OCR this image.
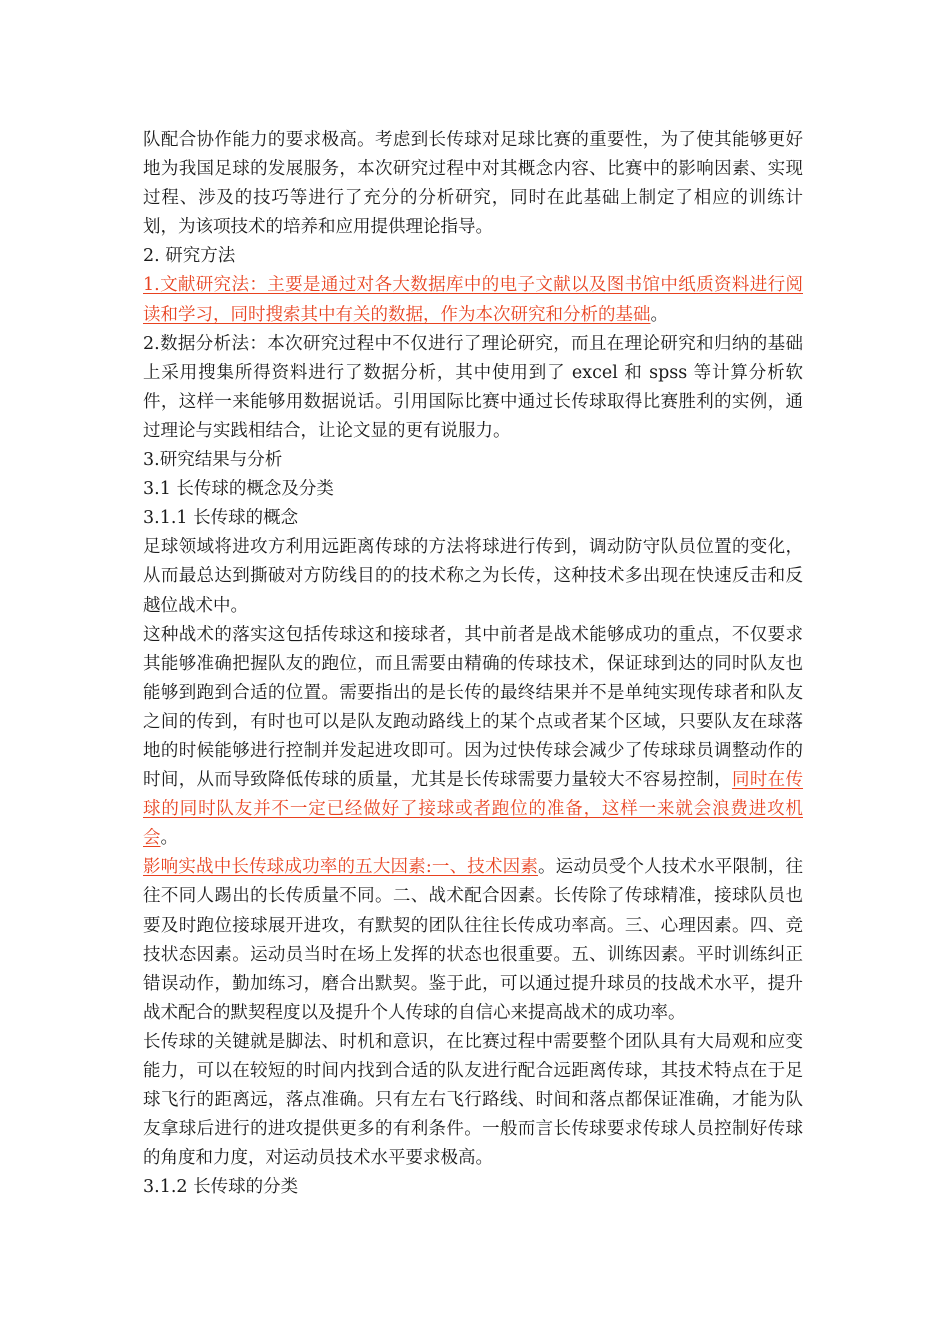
队配合协作能力的要求极高。考虑到长传球对足球比赛的重要性，为了使其能够更好地为我国足球的发展服务，本次研究过程中对其概念内容、比赛中的影响因素、实现过程、涉及的技巧等进行了充分的分析研究，同时在此基础上制定了相应的训练计划，为该项技术的培养和应用提供理论指导。

2. 研究方法

1.文献研究法：主要是通过对各大数据库中的电子文献以及图书馆中纸质资料进行阅读和学习，同时搜索其中有关的数据，作为本次研究和分析的基础。

2.数据分析法：本次研究过程中不仅进行了理论研究，而且在理论研究和归纳的基础上采用搜集所得资料进行了数据分析，其中使用到了 excel 和 spss 等计算分析软件，这样一来能够用数据说话。引用国际比赛中通过长传球取得比赛胜利的实例，通过理论与实践相结合，让论文显的更有说服力。

3.研究结果与分析

3.1 长传球的概念及分类

3.1.1 长传球的概念

足球领域将进攻方利用远距离传球的方法将球进行传到，调动防守队员位置的变化，从而最总达到撕破对方防线目的的技术称之为长传，这种技术多出现在快速反击和反越位战术中。

这种战术的落实这包括传球这和接球者，其中前者是战术能够成功的重点，不仅要求其能够准确把握队友的跑位，而且需要由精确的传球技术，保证球到达的同时队友也能够到跑到合适的位置。需要指出的是长传的最终结果并不是单纯实现传球者和队友之间的传到，有时也可以是队友跑动路线上的某个点或者某个区域，只要队友在球落地的时候能够进行控制并发起进攻即可。因为过快传球会减少了传球球员调整动作的时间，从而导致降低传球的质量，尤其是长传球需要力量较大不容易控制，同时在传球的同时队友并不一定已经做好了接球或者跑位的准备，这样一来就会浪费进攻机会。

影响实战中长传球成功率的五大因素:一、技术因素。运动员受个人技术水平限制，往往不同人踢出的长传质量不同。二、战术配合因素。长传除了传球精准，接球队员也要及时跑位接球展开进攻，有默契的团队往往长传成功率高。三、心理因素。四、竞技状态因素。运动员当时在场上发挥的状态也很重要。五、训练因素。平时训练纠正错误动作，勤加练习，磨合出默契。鉴于此，可以通过提升球员的技战术水平，提升战术配合的默契程度以及提升个人传球的自信心来提高战术的成功率。

长传球的关键就是脚法、时机和意识，在比赛过程中需要整个团队具有大局观和应变能力，可以在较短的时间内找到合适的队友进行配合远距离传球，其技术特点在于足球飞行的距离远，落点准确。只有左右飞行路线、时间和落点都保证准确，才能为队友拿球后进行的进攻提供更多的有利条件。一般而言长传球要求传球人员控制好传球的角度和力度，对运动员技术水平要求极高。

3.1.2 长传球的分类
